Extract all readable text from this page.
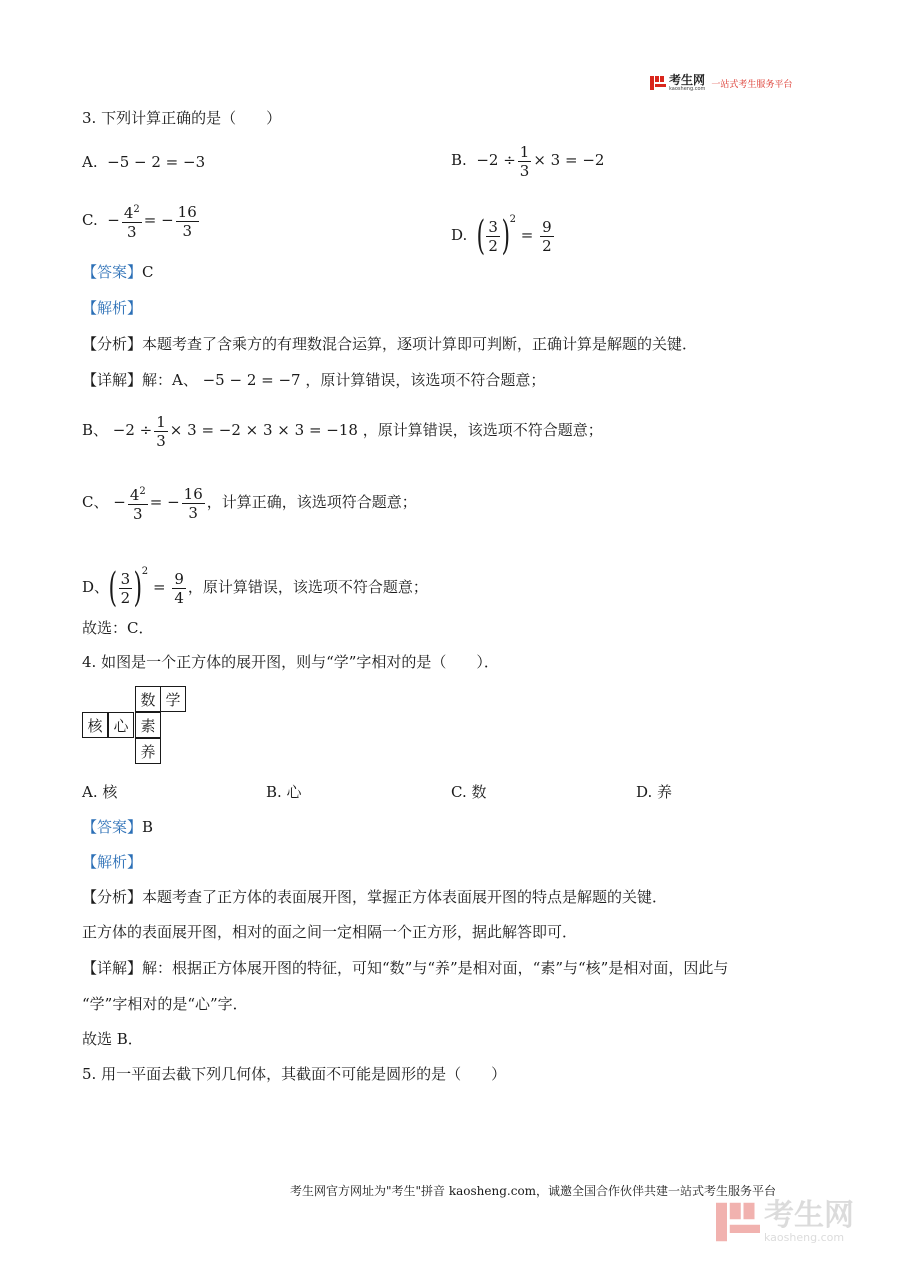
考生网
kaosheng.com 一站式考生服务平台
3. 下列计算正确的是（　　）
A. −5 − 2 = −3	B. $-2 \div \frac{1}{3} \times 3 = -2$
C. − $\frac{4^2}{3}$ = − $\frac{16}{3}$	D. ( $\frac{3}{2} )^2 = \frac{9}{2}$
【答案】C
【解析】
【分析】本题考查了含乘方的有理数混合运算，逐项计算即可判断，正确计算是解题的关键．
【详解】解：A、 −5 − 2 = −7 ，原计算错误，该选项不符合题意；
B、 $-2 \div \frac{1}{3} \times 3 = -2 \times 3 \times 3 = -18$ ，原计算错误，该选项不符合题意；
C、 − $\frac{4^2}{3}$ = − $\frac{16}{3}$ ，计算正确，该选项符合题意；
D、( $\frac{3}{2} )^2 = \frac{9}{4}$ ，原计算错误，该选项不符合题意；
故选：C．
4. 如图是一个正方体的展开图，则与“学”字相对的是（　　）．
数 学
核 心 素
养
A. 核	B. 心	C. 数	D. 养
【答案】B
【解析】
【分析】本题考查了正方体的表面展开图，掌握正方体表面展开图的特点是解题的关键．
正方体的表面展开图，相对的面之间一定相隔一个正方形，据此解答即可．
【详解】解：根据正方体展开图的特征，可知“数”与“养”是相对面，“素”与“核”是相对面，因此与
“学”字相对的是“心”字．
故选 B．
5. 用一平面去截下列几何体，其截面不可能是圆形的是（　　）
考生网官方网址为"考生"拼音 kaosheng.com，诚邀全国合作伙伴共建一站式考生服务平台
考生网
kaosheng.com
